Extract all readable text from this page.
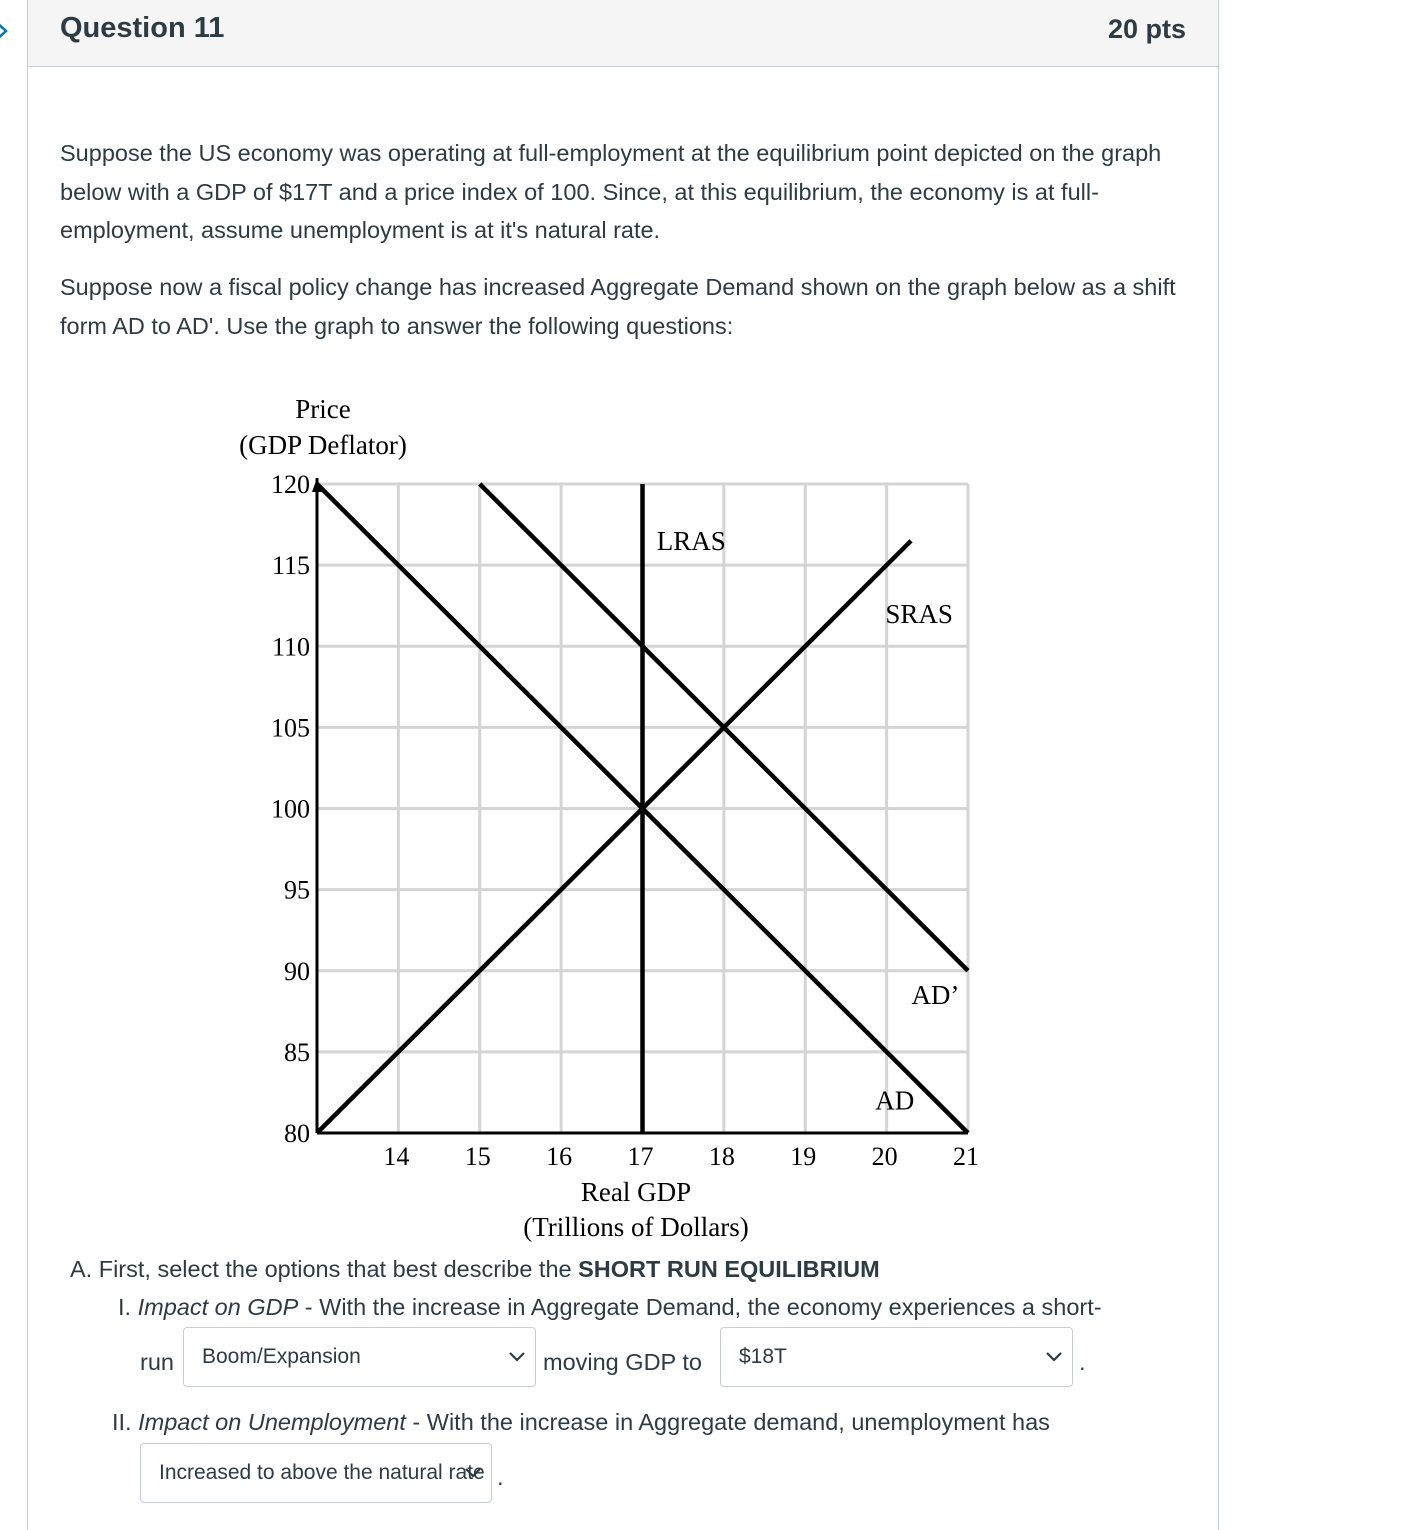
Question 11	20 pts
Suppose the US economy was operating at full-employment at the equilibrium point depicted on the graph below with a GDP of $17T and a price index of 100. Since, at this equilibrium, the economy is at full-employment, assume unemployment is at it's natural rate.
Suppose now a fiscal policy change has increased Aggregate Demand shown on the graph below as a shift form AD to AD'. Use the graph to answer the following questions:
120
115
110
105
100
95
90
85
80
14 15 16 17 18 19 20 21
LRAS
SRAS
AD’
AD
Price
(GDP Deflator)
Real GDP
(Trillions of Dollars)
A. First, select the options that best describe the SHORT RUN EQUILIBRIUM
I. Impact on GDP - With the increase in Aggregate Demand, the economy experiences a short-
run Boom/Expansion	moving GDP to $18T	.
II. Impact on Unemployment - With the increase in Aggregate demand, unemployment has
Increased to above the natural rate .
